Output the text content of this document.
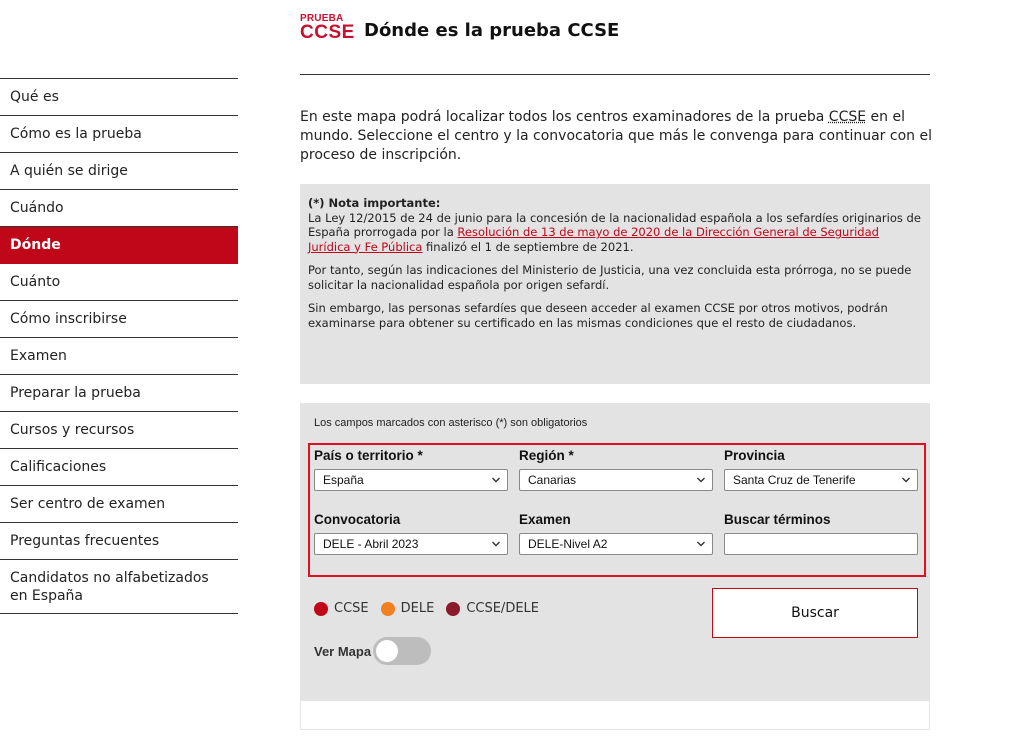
PRUEBA
CCSE Dónde es la prueba CCSE
Qué es
Cómo es la prueba
A quién se dirige
Cuándo
Dónde
Cuánto
Cómo inscribirse
Examen
Preparar la prueba
Cursos y recursos
Calificaciones
Ser centro de examen
Preguntas frecuentes
Candidatos no alfabetizados en España

En este mapa podrá localizar todos los centros examinadores de la prueba CCSE en el mundo. Seleccione el centro y la convocatoria que más le convenga para continuar con el proceso de inscripción.

(*) Nota importante:
La Ley 12/2015 de 24 de junio para la concesión de la nacionalidad española a los sefardíes originarios de España prorrogada por la Resolución de 13 de mayo de 2020 de la Dirección General de Seguridad Jurídica y Fe Pública finalizó el 1 de septiembre de 2021.

Por tanto, según las indicaciones del Ministerio de Justicia, una vez concluida esta prórroga, no se puede solicitar la nacionalidad española por origen sefardí.

Sin embargo, las personas sefardíes que deseen acceder al examen CCSE por otros motivos, podrán examinarse para obtener su certificado en las mismas condiciones que el resto de ciudadanos.

Los campos marcados con asterisco (*) son obligatorios
País o territorio *
España
Región *
Canarias
Provincia
Santa Cruz de Tenerife
Convocatoria
DELE - Abril 2023
Examen
DELE-Nivel A2
Buscar términos
CCSE DELE CCSE/DELE	Buscar
Ver Mapa
